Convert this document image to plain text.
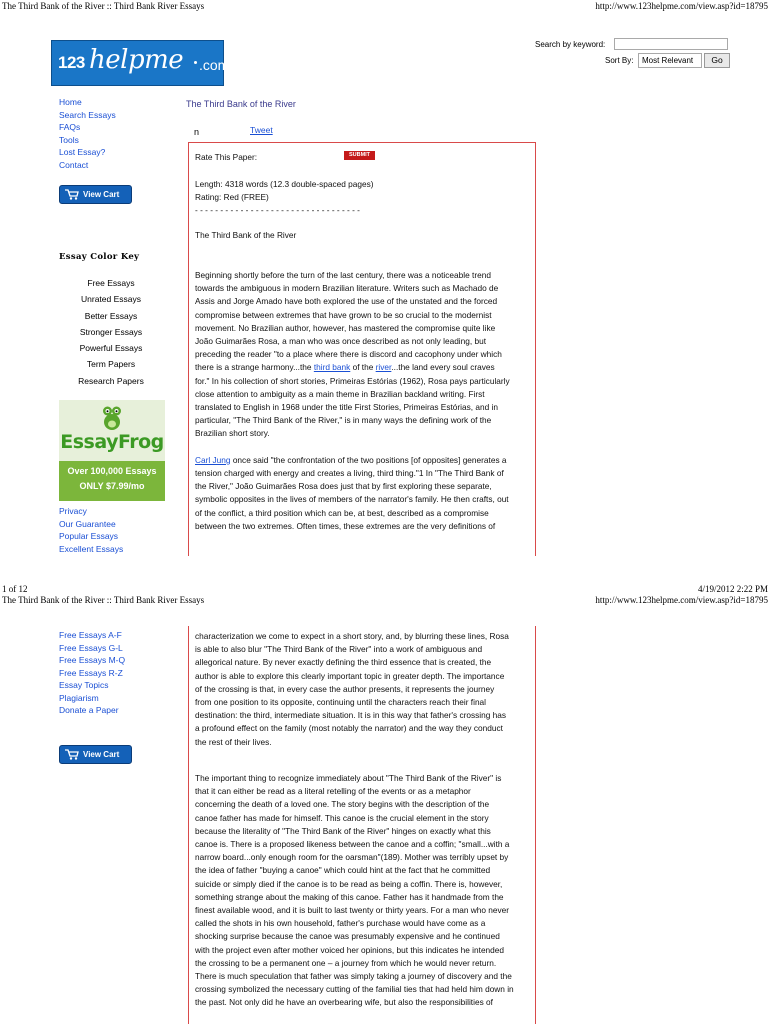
The Third Bank of the River :: Third Bank River Essays	http://www.123helpme.com/view.asp?id=18795
123 helpme .com
Search by keyword:
Sort By:	Most Relevant	Go
Home
Search Essays
FAQs
Tools
Lost Essay?
Contact
View Cart
Essay Color Key
Free Essays
Unrated Essays
Better Essays
Stronger Essays
Powerful Essays
Term Papers
Research Papers
EssayFrog
Over 100,000 Essays
ONLY $7.99/mo
Privacy
Our Guarantee
Popular Essays
Excellent Essays
The Third Bank of the River
n	Tweet
Rate This Paper:	SUBMIT
Length: 4318 words (12.3 double-spaced pages)
Rating: Red (FREE)
- - - - - - - - - - - - - - - - - - - - - - - - - - - - - - - - -
The Third Bank of the River
Beginning shortly before the turn of the last century, there was a noticeable trend
towards the ambiguous in modern Brazilian literature. Writers such as Machado de
Assis and Jorge Amado have both explored the use of the unstated and the forced
compromise between extremes that have grown to be so crucial to the modernist
movement. No Brazilian author, however, has mastered the compromise quite like
João Guimarães Rosa, a man who was once described as not only leading, but
preceding the reader "to a place where there is discord and cacophony under which
there is a strange harmony...the third bank of the river...the land every soul craves
for." In his collection of short stories, Primeiras Estórias (1962), Rosa pays particularly
close attention to ambiguity as a main theme in Brazilian backland writing. First
translated to English in 1968 under the title First Stories, Primeiras Estórias, and in
particular, "The Third Bank of the River," is in many ways the defining work of the
Brazilian short story.
Carl Jung once said "the confrontation of the two positions [of opposites] generates a
tension charged with energy and creates a living, third thing."1 In "The Third Bank of
the River," João Guimarães Rosa does just that by first exploring these separate,
symbolic opposites in the lives of members of the narrator's family. He then crafts, out
of the conflict, a third position which can be, at best, described as a compromise
between the two extremes. Often times, these extremes are the very definitions of
1 of 12	4/19/2012 2:22 PM
The Third Bank of the River :: Third Bank River Essays	http://www.123helpme.com/view.asp?id=18795
Free Essays A-F
Free Essays G-L
Free Essays M-Q
Free Essays R-Z
Essay Topics
Plagiarism
Donate a Paper
View Cart
characterization we come to expect in a short story, and, by blurring these lines, Rosa
is able to also blur "The Third Bank of the River" into a work of ambiguous and
allegorical nature. By never exactly defining the third essence that is created, the
author is able to explore this clearly important topic in greater depth. The importance
of the crossing is that, in every case the author presents, it represents the journey
from one position to its opposite, continuing until the characters reach their final
destination: the third, intermediate situation. It is in this way that father's crossing has
a profound effect on the family (most notably the narrator) and the way they conduct
the rest of their lives.
The important thing to recognize immediately about "The Third Bank of the River" is
that it can either be read as a literal retelling of the events or as a metaphor
concerning the death of a loved one. The story begins with the description of the
canoe father has made for himself. This canoe is the crucial element in the story
because the literality of "The Third Bank of the River" hinges on exactly what this
canoe is. There is a proposed likeness between the canoe and a coffin; "small...with a
narrow board...only enough room for the oarsman"(189). Mother was terribly upset by
the idea of father "buying a canoe" which could hint at the fact that he committed
suicide or simply died if the canoe is to be read as being a coffin. There is, however,
something strange about the making of this canoe. Father has it handmade from the
finest available wood, and it is built to last twenty or thirty years. For a man who never
called the shots in his own household, father's purchase would have come as a
shocking surprise because the canoe was presumably expensive and he continued
with the project even after mother voiced her opinions, but this indicates he intended
the crossing to be a permanent one – a journey from which he would never return.
There is much speculation that father was simply taking a journey of discovery and the
crossing symbolized the necessary cutting of the familial ties that had held him down in
the past. Not only did he have an overbearing wife, but also the responsibilities of
